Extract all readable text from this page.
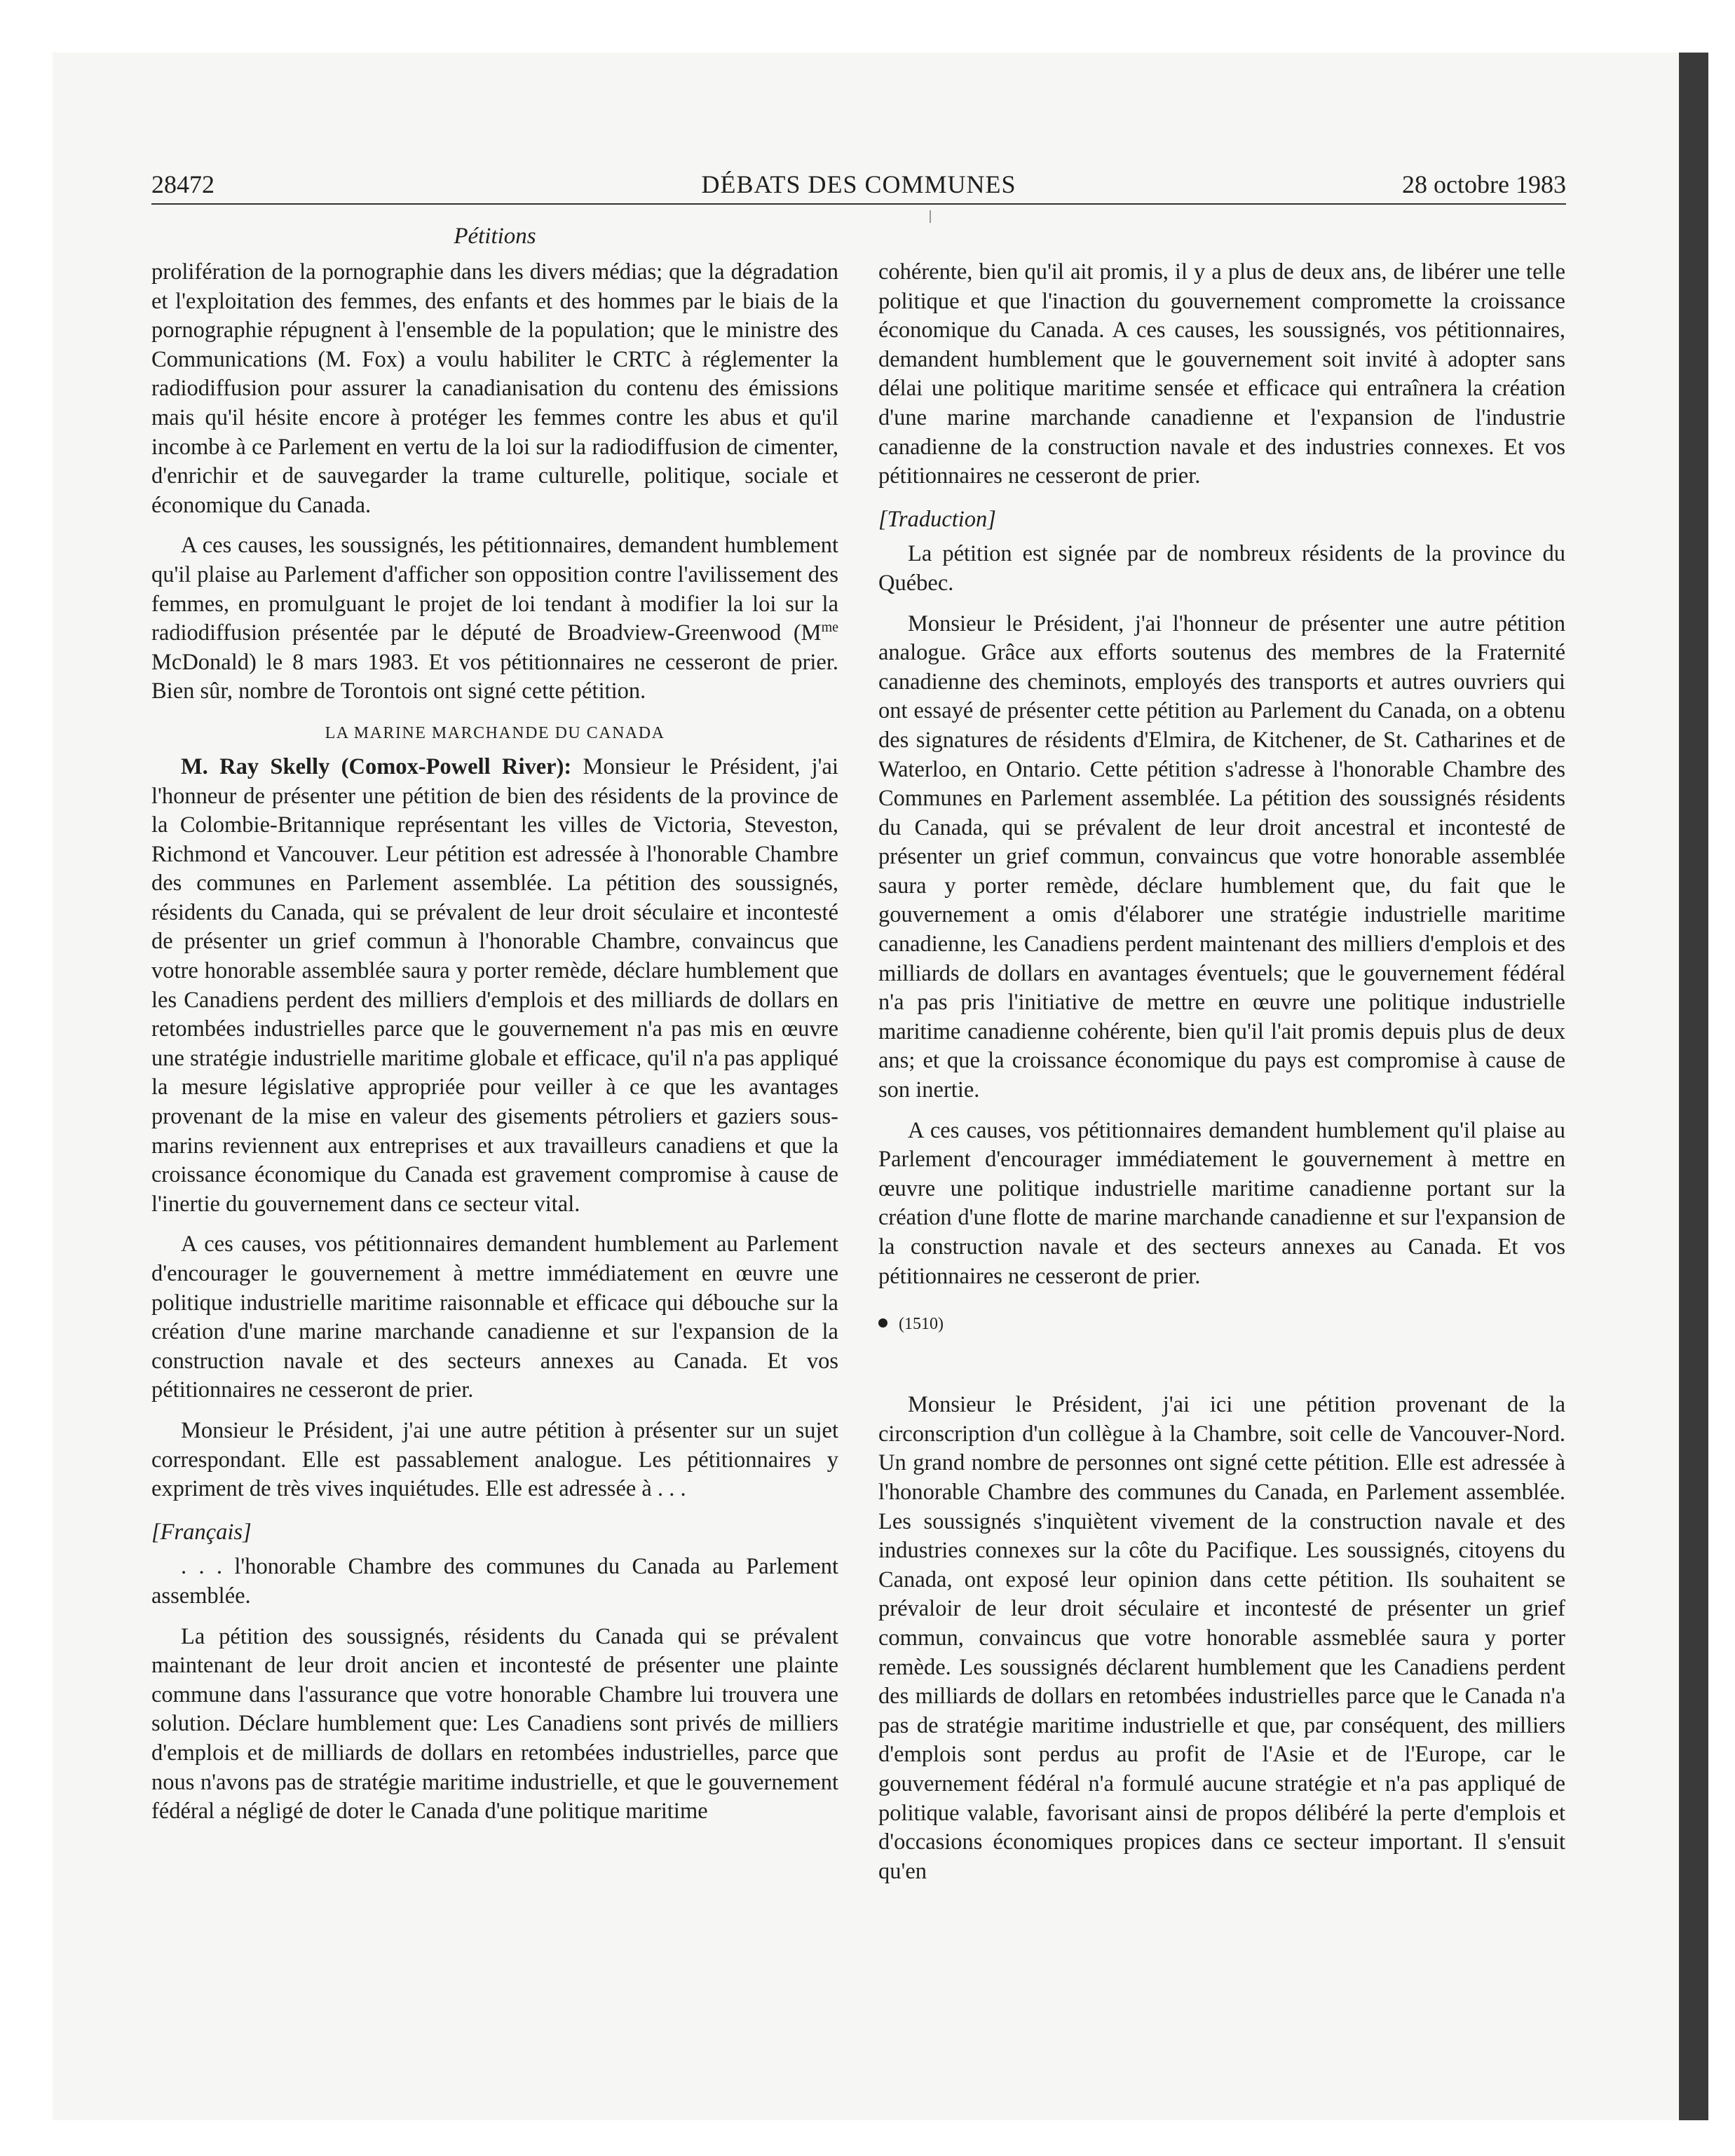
28472	DÉBATS DES COMMUNES	28 octobre 1983
Pétitions

prolifération de la pornographie dans les divers médias; que la dégradation et l'exploitation des femmes, des enfants et des hommes par le biais de la pornographie répugnent à l'ensemble de la population; que le ministre des Communications (M. Fox) a voulu habiliter le CRTC à réglementer la radiodiffusion pour assurer la canadianisation du contenu des émissions mais qu'il hésite encore à protéger les femmes contre les abus et qu'il incombe à ce Parlement en vertu de la loi sur la radiodiffusion de cimenter, d'enrichir et de sauvegarder la trame culturelle, politique, sociale et économique du Canada.

A ces causes, les soussignés, les pétitionnaires, demandent humblement qu'il plaise au Parlement d'afficher son opposition contre l'avilissement des femmes, en promulguant le projet de loi tendant à modifier la loi sur la radiodiffusion présentée par le député de Broadview-Greenwood ($M^{me}$ McDonald) le 8 mars 1983. Et vos pétitionnaires ne cesseront de prier. Bien sûr, nombre de Torontois ont signé cette pétition.

LA MARINE MARCHANDE DU CANADA

M. Ray Skelly (Comox-Powell River): Monsieur le Président, j'ai l'honneur de présenter une pétition de bien des résidents de la province de la Colombie-Britannique représentant les villes de Victoria, Steveston, Richmond et Vancouver. Leur pétition est adressée à l'honorable Chambre des communes en Parlement assemblée. La pétition des soussignés, résidents du Canada, qui se prévalent de leur droit séculaire et incontesté de présenter un grief commun à l'honorable Chambre, convaincus que votre honorable assemblée saura y porter remède, déclare humblement que les Canadiens perdent des milliers d'emplois et des milliards de dollars en retombées industrielles parce que le gouvernement n'a pas mis en œuvre une stratégie industrielle maritime globale et efficace, qu'il n'a pas appliqué la mesure législative appropriée pour veiller à ce que les avantages provenant de la mise en valeur des gisements pétroliers et gaziers sous-marins reviennent aux entreprises et aux travailleurs canadiens et que la croissance économique du Canada est gravement compromise à cause de l'inertie du gouvernement dans ce secteur vital.

A ces causes, vos pétitionnaires demandent humblement au Parlement d'encourager le gouvernement à mettre immédiatement en œuvre une politique industrielle maritime raisonnable et efficace qui débouche sur la création d'une marine marchande canadienne et sur l'expansion de la construction navale et des secteurs annexes au Canada. Et vos pétitionnaires ne cesseront de prier.

Monsieur le Président, j'ai une autre pétition à présenter sur un sujet correspondant. Elle est passablement analogue. Les pétitionnaires y expriment de très vives inquiétudes. Elle est adressée à . . .

[Français]

. . . l'honorable Chambre des communes du Canada au Parlement assemblée.

La pétition des soussignés, résidents du Canada qui se prévalent maintenant de leur droit ancien et incontesté de présenter une plainte commune dans l'assurance que votre honorable Chambre lui trouvera une solution. Déclare humblement que: Les Canadiens sont privés de milliers d'emplois et de milliards de dollars en retombées industrielles, parce que nous n'avons pas de stratégie maritime industrielle, et que le gouvernement fédéral a négligé de doter le Canada d'une politique maritime

cohérente, bien qu'il ait promis, il y a plus de deux ans, de libérer une telle politique et que l'inaction du gouvernement compromette la croissance économique du Canada. A ces causes, les soussignés, vos pétitionnaires, demandent humblement que le gouvernement soit invité à adopter sans délai une politique maritime sensée et efficace qui entraînera la création d'une marine marchande canadienne et l'expansion de l'industrie canadienne de la construction navale et des industries connexes. Et vos pétitionnaires ne cesseront de prier.

[Traduction]

La pétition est signée par de nombreux résidents de la province du Québec.

Monsieur le Président, j'ai l'honneur de présenter une autre pétition analogue. Grâce aux efforts soutenus des membres de la Fraternité canadienne des cheminots, employés des transports et autres ouvriers qui ont essayé de présenter cette pétition au Parlement du Canada, on a obtenu des signatures de résidents d'Elmira, de Kitchener, de St. Catharines et de Waterloo, en Ontario. Cette pétition s'adresse à l'honorable Chambre des Communes en Parlement assemblée. La pétition des soussignés résidents du Canada, qui se prévalent de leur droit ancestral et incontesté de présenter un grief commun, convaincus que votre honorable assemblée saura y porter remède, déclare humblement que, du fait que le gouvernement a omis d'élaborer une stratégie industrielle maritime canadienne, les Canadiens perdent maintenant des milliers d'emplois et des milliards de dollars en avantages éventuels; que le gouvernement fédéral n'a pas pris l'initiative de mettre en œuvre une politique industrielle maritime canadienne cohérente, bien qu'il l'ait promis depuis plus de deux ans; et que la croissance économique du pays est compromise à cause de son inertie.

A ces causes, vos pétitionnaires demandent humblement qu'il plaise au Parlement d'encourager immédiatement le gouvernement à mettre en œuvre une politique industrielle maritime canadienne portant sur la création d'une flotte de marine marchande canadienne et sur l'expansion de la construction navale et des secteurs annexes au Canada. Et vos pétitionnaires ne cesseront de prier.

(1510)

Monsieur le Président, j'ai ici une pétition provenant de la circonscription d'un collègue à la Chambre, soit celle de Vancouver-Nord. Un grand nombre de personnes ont signé cette pétition. Elle est adressée à l'honorable Chambre des communes du Canada, en Parlement assemblée. Les soussignés s'inquiètent vivement de la construction navale et des industries connexes sur la côte du Pacifique. Les soussignés, citoyens du Canada, ont exposé leur opinion dans cette pétition. Ils souhaitent se prévaloir de leur droit séculaire et incontesté de présenter un grief commun, convaincus que votre honorable assmeblée saura y porter remède. Les soussignés déclarent humblement que les Canadiens perdent des milliards de dollars en retombées industrielles parce que le Canada n'a pas de stratégie maritime industrielle et que, par conséquent, des milliers d'emplois sont perdus au profit de l'Asie et de l'Europe, car le gouvernement fédéral n'a formulé aucune stratégie et n'a pas appliqué de politique valable, favorisant ainsi de propos délibéré la perte d'emplois et d'occasions économiques propices dans ce secteur important. Il s'ensuit qu'en
